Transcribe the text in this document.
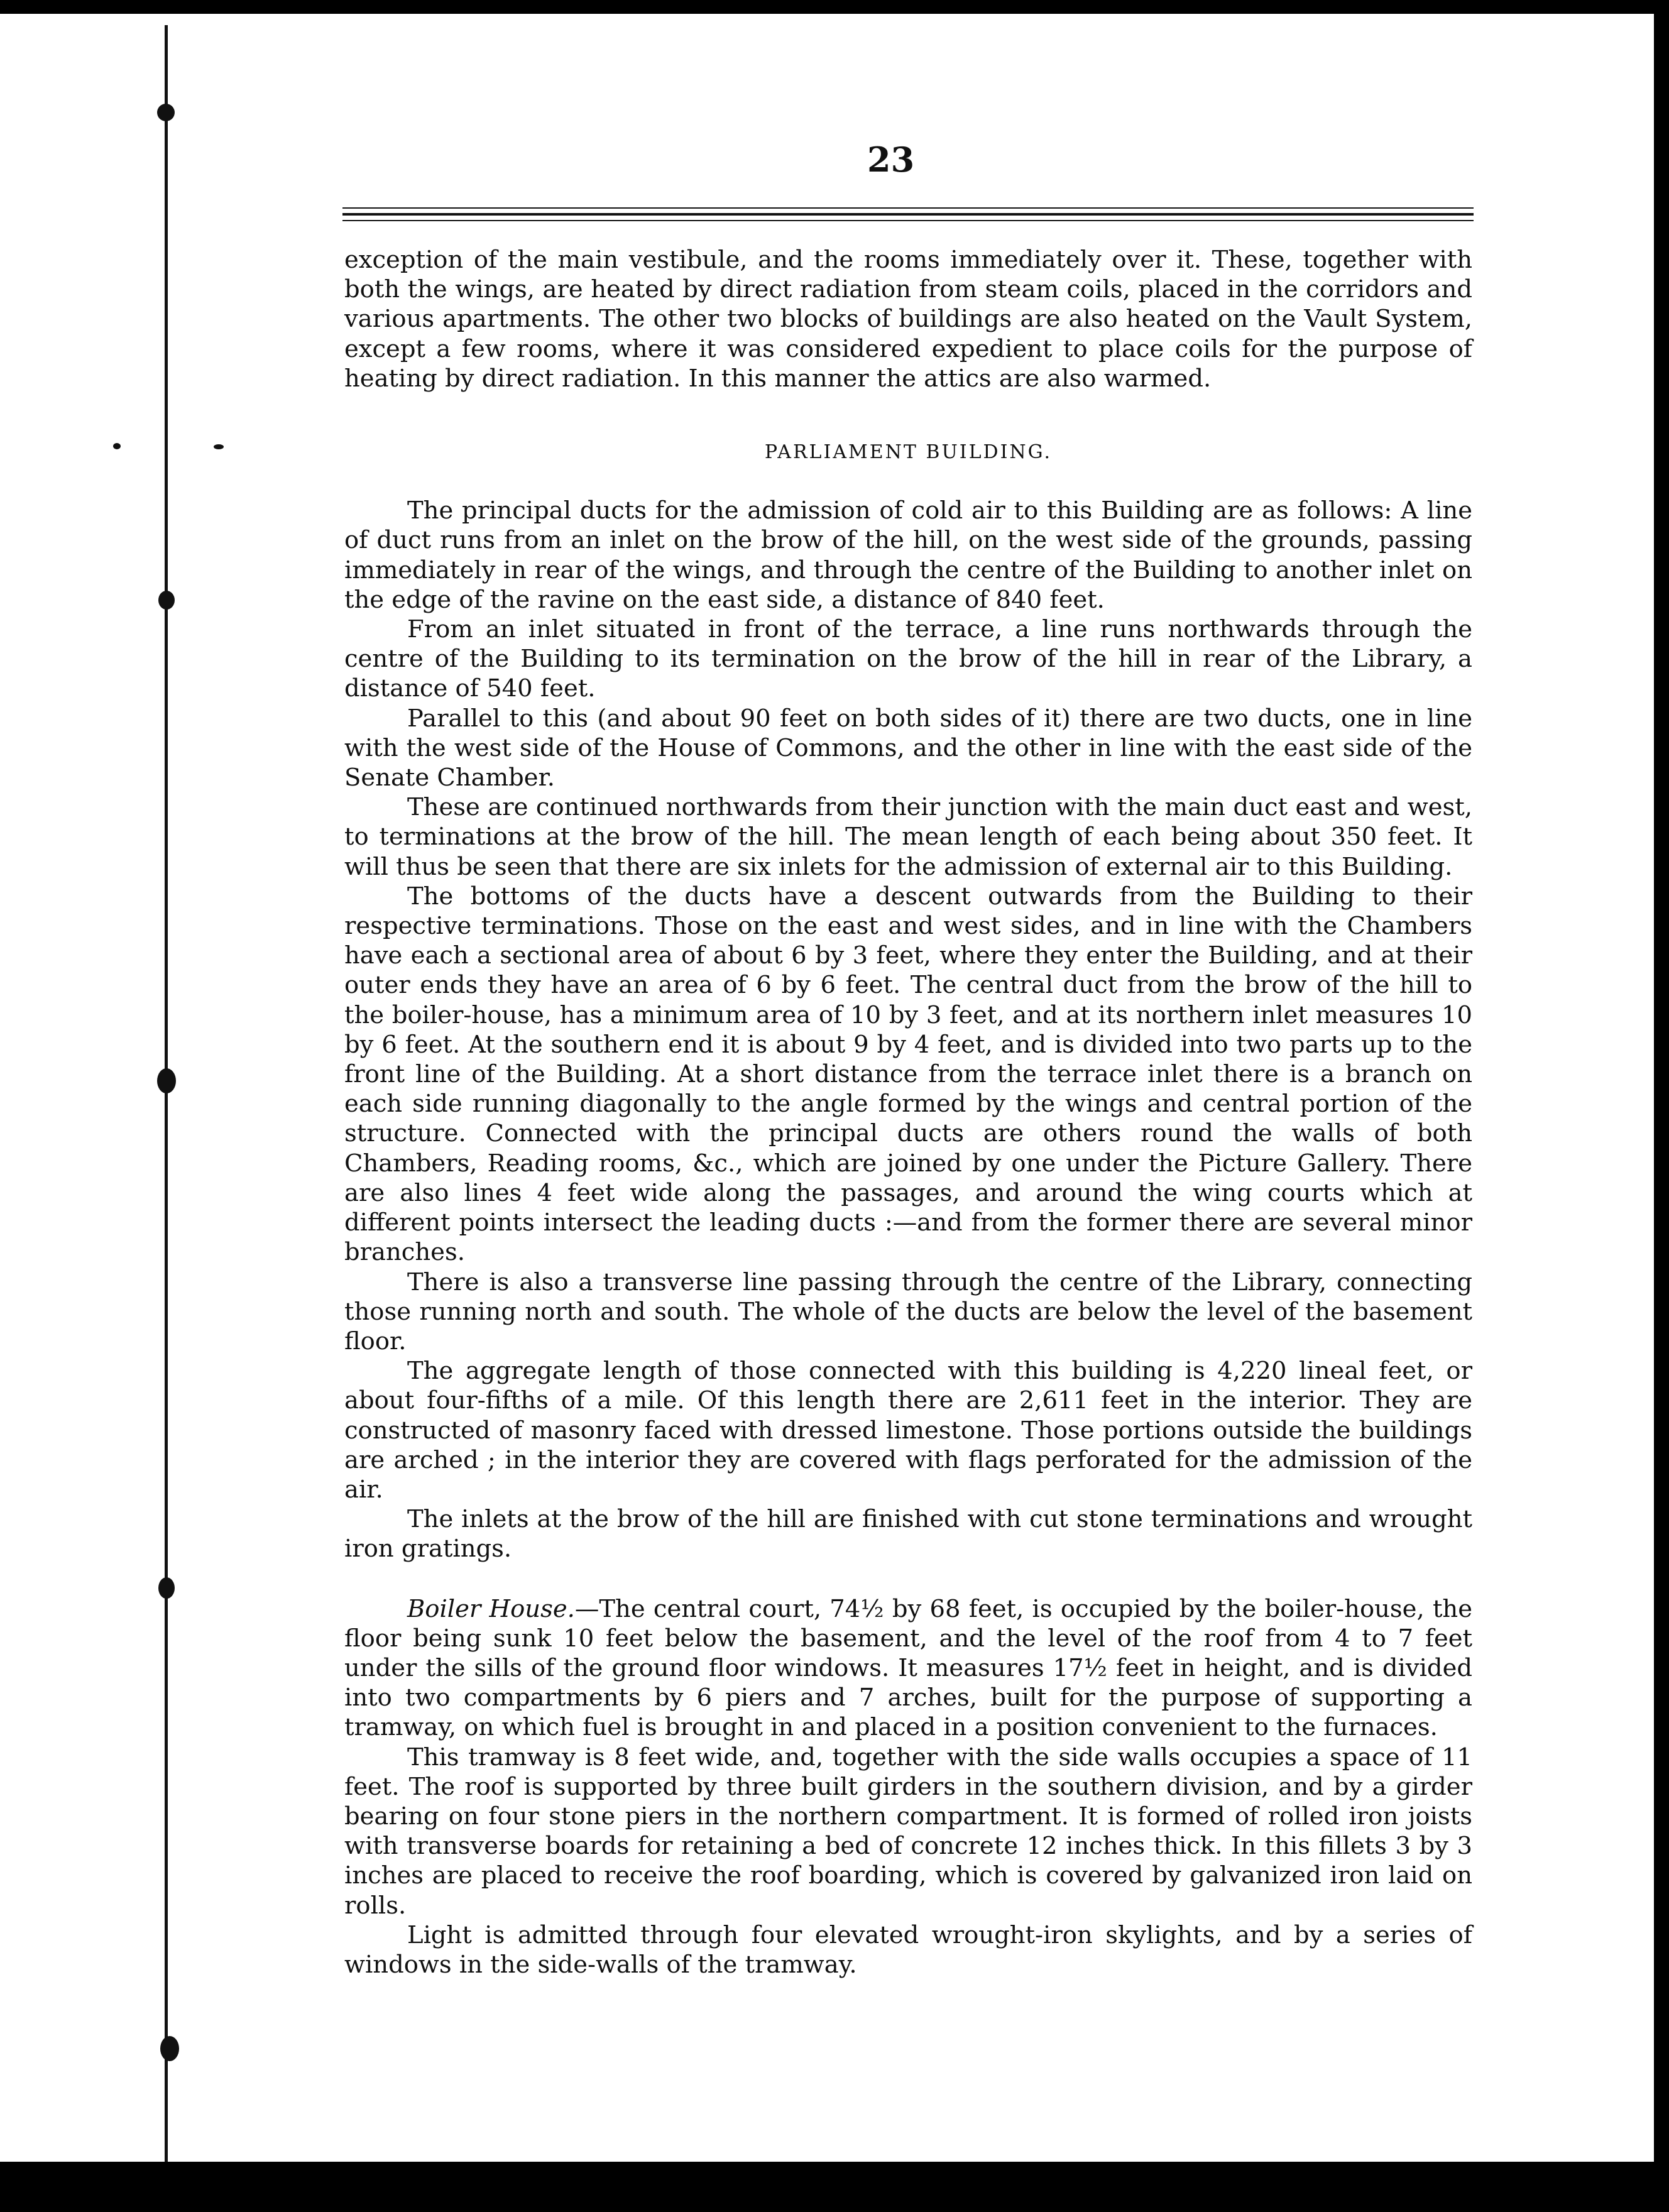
23

exception of the main vestibule, and the rooms immediately over it. These, together with both the wings, are heated by direct radiation from steam coils, placed in the corridors and various apartments. The other two blocks of buildings are also heated on the Vault System, except a few rooms, where it was considered expedient to place coils for the purpose of heating by direct radiation. In this manner the attics are also warmed.

PARLIAMENT BUILDING.

The principal ducts for the admission of cold air to this Building are as follows: A line of duct runs from an inlet on the brow of the hill, on the west side of the grounds, passing immediately in rear of the wings, and through the centre of the Building to another inlet on the edge of the ravine on the east side, a distance of 840 feet.

From an inlet situated in front of the terrace, a line runs northwards through the centre of the Building to its termination on the brow of the hill in rear of the Library, a distance of 540 feet.

Parallel to this (and about 90 feet on both sides of it) there are two ducts, one in line with the west side of the House of Commons, and the other in line with the east side of the Senate Chamber.

These are continued northwards from their junction with the main duct east and west, to terminations at the brow of the hill. The mean length of each being about 350 feet. It will thus be seen that there are six inlets for the admission of external air to this Building.

The bottoms of the ducts have a descent outwards from the Building to their respective terminations. Those on the east and west sides, and in line with the Chambers have each a sectional area of about 6 by 3 feet, where they enter the Building, and at their outer ends they have an area of 6 by 6 feet. The central duct from the brow of the hill to the boiler-house, has a minimum area of 10 by 3 feet, and at its northern inlet measures 10 by 6 feet. At the southern end it is about 9 by 4 feet, and is divided into two parts up to the front line of the Building. At a short distance from the terrace inlet there is a branch on each side running diagonally to the angle formed by the wings and central portion of the structure. Connected with the principal ducts are others round the walls of both Chambers, Reading rooms, &c., which are joined by one under the Picture Gallery. There are also lines 4 feet wide along the passages, and around the wing courts which at different points intersect the leading ducts :—and from the former there are several minor branches.

There is also a transverse line passing through the centre of the Library, connecting those running north and south. The whole of the ducts are below the level of the basement floor.

The aggregate length of those connected with this building is 4,220 lineal feet, or about four-fifths of a mile. Of this length there are 2,611 feet in the interior. They are constructed of masonry faced with dressed limestone. Those portions outside the buildings are arched ; in the interior they are covered with flags perforated for the admission of the air.

The inlets at the brow of the hill are finished with cut stone terminations and wrought iron gratings.

Boiler House.—The central court, 74½ by 68 feet, is occupied by the boiler-house, the floor being sunk 10 feet below the basement, and the level of the roof from 4 to 7 feet under the sills of the ground floor windows. It measures 17½ feet in height, and is divided into two compartments by 6 piers and 7 arches, built for the purpose of supporting a tramway, on which fuel is brought in and placed in a position convenient to the furnaces.

This tramway is 8 feet wide, and, together with the side walls occupies a space of 11 feet. The roof is supported by three built girders in the southern division, and by a girder bearing on four stone piers in the northern compartment. It is formed of rolled iron joists with transverse boards for retaining a bed of concrete 12 inches thick. In this fillets 3 by 3 inches are placed to receive the roof boarding, which is covered by galvanized iron laid on rolls.

Light is admitted through four elevated wrought-iron skylights, and by a series of windows in the side-walls of the tramway.
